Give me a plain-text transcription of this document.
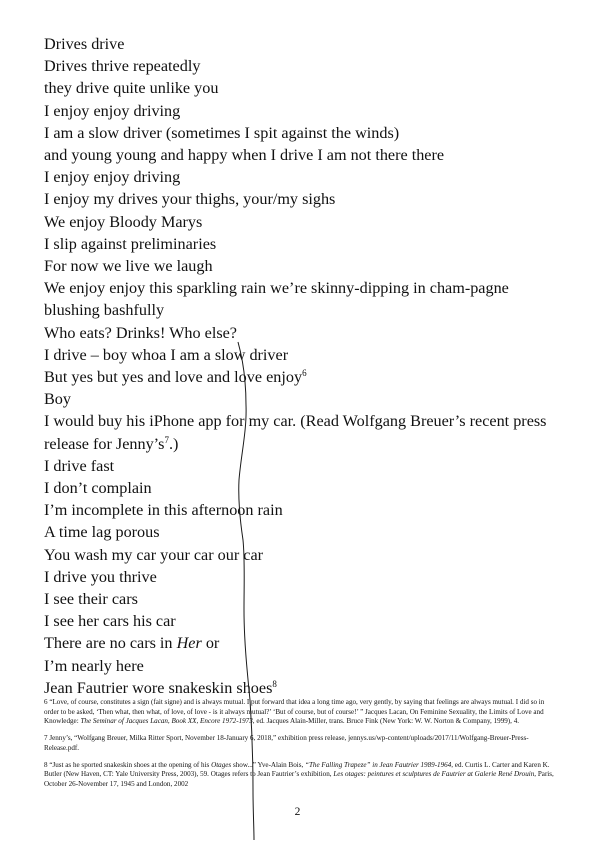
Drives drive
Drives thrive repeatedly
they drive quite unlike you
I enjoy enjoy driving
I am a slow driver (sometimes I spit against the winds)
and young young and happy when I drive I am not there there
I enjoy enjoy driving
I enjoy my drives your thighs, your/my sighs
We enjoy Bloody Marys
I slip against preliminaries
For now we live we laugh
We enjoy enjoy this sparkling rain we’re skinny-dipping in cham-pagne blushing bashfully
Who eats? Drinks! Who else?
I drive – boy whoa I am a slow driver
But yes but yes and love and love enjoy$^6$
Boy
I would buy his iPhone app for my car. (Read Wolfgang Breuer’s recent press release for $Jenny’s^7$.)
I drive fast
I don’t complain
I’m incomplete in this afternoon rain
A time lag porous
You wash my car your car our car
I drive you thrive
I see their cars
I see her cars his car
There are no cars in Her or
I’m nearly here
Jean Fautrier wore snakeskin shoes$^8$

6 “Love, of course, constitutes a sign (fait signe) and is always mutual. I put forward that idea a long time ago, very gently, by saying that feelings are always mutual. I did so in order to be asked, ‘Then what, then what, of love, of love - is it always mutual?’ ‘But of course, but of course!’ ” Jacques Lacan, On Feminine Sexuality, the Limits of Love and Knowledge: The Seminar of Jacques Lacan, Book XX, Encore 1972-1973, ed. Jacques Alain-Miller, trans. Bruce Fink (New York: W. W. Norton & Company, 1999), 4.

7 Jenny’s, “Wolfgang Breuer, Milka Ritter Sport, November 18-January 6, 2018,” exhibition press release, jennys.us/wp-content/uploads/2017/11/Wolfgang-Breuer-Press-Release.pdf.

8 “Just as he sported snakeskin shoes at the opening of his Otages show...” Yve-Alain Bois, “The Falling Trapeze” in Jean Fautrier 1989-1964, ed. Curtis L. Carter and Karen K. Butler (New Haven, CT: Yale University Press, 2003), 59. Otages refers to Jean Fautrier’s exhibition, Les otages: peintures et sculptures de Fautrier at Galerie René Drouin, Paris, October 26-November 17, 1945 and London, 2002

2
